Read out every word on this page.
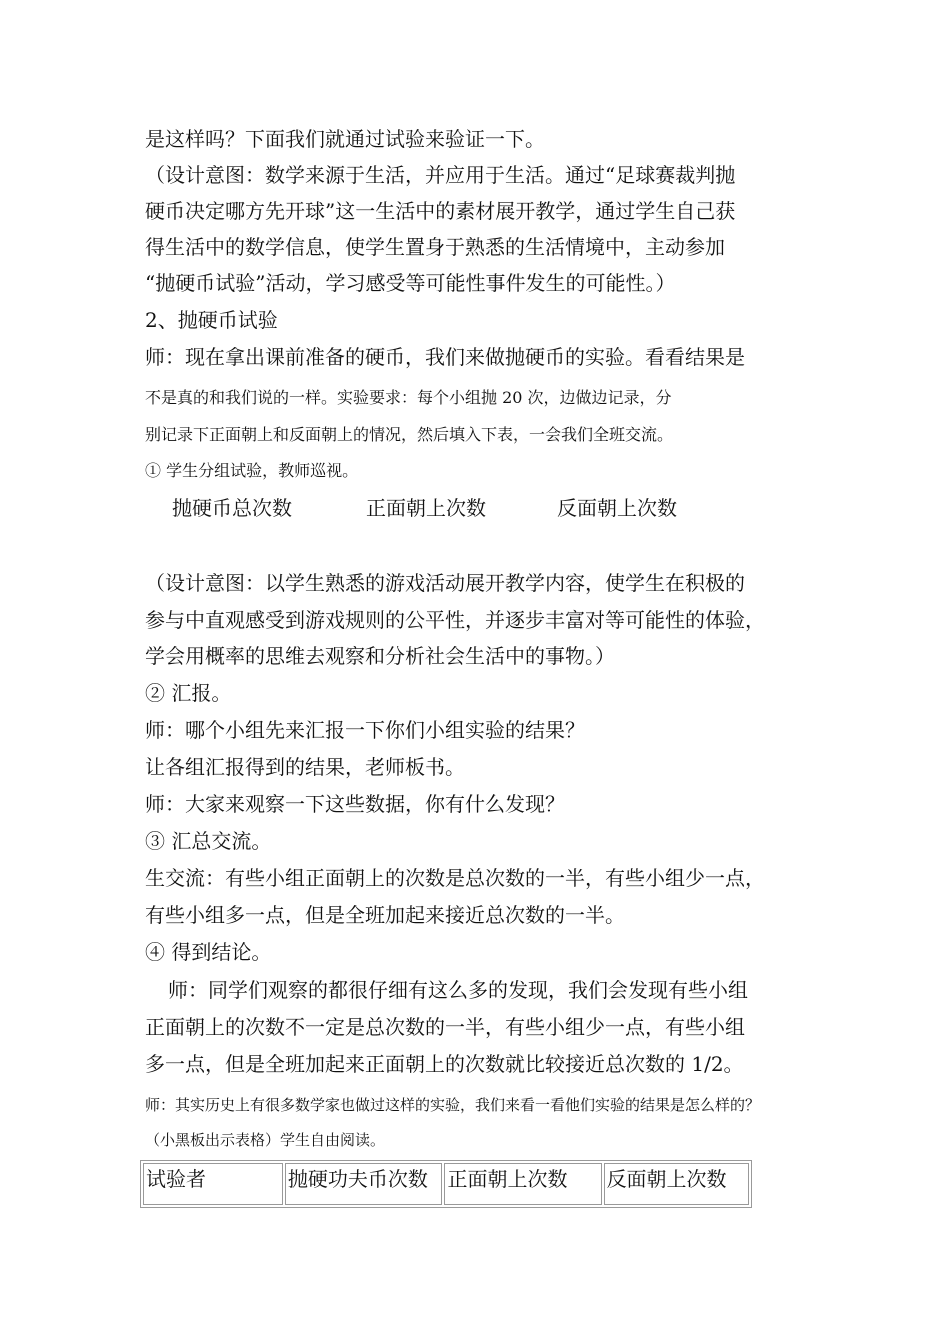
是这样吗？下面我们就通过试验来验证一下。
（设计意图：数学来源于生活，并应用于生活。通过“足球赛裁判抛
硬币决定哪方先开球”这一生活中的素材展开教学，通过学生自己获
得生活中的数学信息，使学生置身于熟悉的生活情境中，主动参加
“抛硬币试验”活动，学习感受等可能性事件发生的可能性。）
2、抛硬币试验
师：现在拿出课前准备的硬币，我们来做抛硬币的实验。看看结果是
不是真的和我们说的一样。实验要求：每个小组抛 20 次，边做边记录，分
别记录下正面朝上和反面朝上的情况，然后填入下表，一会我们全班交流。
① 学生分组试验，教师巡视。
抛硬币总次数	正面朝上次数	反面朝上次数
（设计意图：以学生熟悉的游戏活动展开教学内容，使学生在积极的
参与中直观感受到游戏规则的公平性，并逐步丰富对等可能性的体验，
学会用概率的思维去观察和分析社会生活中的事物。）
② 汇报。
师：哪个小组先来汇报一下你们小组实验的结果？
让各组汇报得到的结果，老师板书。
师：大家来观察一下这些数据，你有什么发现？
③ 汇总交流。
生交流：有些小组正面朝上的次数是总次数的一半，有些小组少一点，
有些小组多一点，但是全班加起来接近总次数的一半。
④ 得到结论。
师：同学们观察的都很仔细有这么多的发现，我们会发现有些小组
正面朝上的次数不一定是总次数的一半，有些小组少一点，有些小组
多一点，但是全班加起来正面朝上的次数就比较接近总次数的 1/2。
师：其实历史上有很多数学家也做过这样的实验，我们来看一看他们实验的结果是怎么样的？
（小黑板出示表格）学生自由阅读。
试验者	抛硬功夫币次数	正面朝上次数	反面朝上次数
